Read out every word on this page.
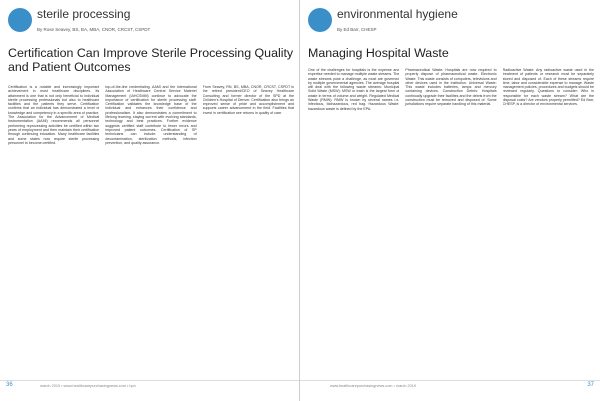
sterile processing
By Rose Seavey, BS, BA, MBA, CNOR, CRCST, CSPDT
Certification Can Improve Sterile Processing Quality and Patient Outcomes
Certification is a notable and increasingly important achievement in most healthcare disciplines. Its attainment is one that is not only beneficial to individual sterile processing professionals but also to healthcare facilities and the patients they serve. Certification confirms that an individual has demonstrated a level of knowledge and competency in a specific area of practice. The Association for the Advancement of Medical Instrumentation (AAMI) recommends all personnel performing reprocessing activities be certified within two years of employment and then maintain their certification through continuing education. Many healthcare facilities and some states now require sterile processing personnel to become certified.
top-of-the-line credentialing. AAMI and the International Association of Healthcare Central Service Materiel Management (IAHCSMM) continue to advocate the importance of certification for sterile processing staff. Certification validates the knowledge base of the individual and enhances their confidence and professionalism. It also demonstrates a commitment to lifelong learning, staying current with evolving standards, technology and best practices. Further evidence suggests certified staff contribute to fewer errors and improved patient outcomes. Certification of SP technicians can include: understanding of decontamination, sterilization methods, infection prevention, and quality assurance.
From Seavey, RN, BS, MBA, CNOR, CRCST, CSPDT is the retired president/CEO of Seavey Healthcare Consulting and former director of the SPD at the Children's Hospital of Denver. Certification also brings an improved sense of pride and accomplishment and supports career advancement in the field. Facilities that invest in certification see returns in quality of care.
36	march 2019 • www.healthcarepurchasingnews.com • hpn
environmental hygiene
By Ed Barr, CHESP
Managing Hospital Waste
One of the challenges for hospitals is the expense and expertise needed to manage multiple waste streams. The waste streams pose a challenge, as most are governed by multiple governmental agencies. The average hospital will deal with the following waste streams: Municipal Solid Waste (MSW): MSW or trash is the largest form of waste in terms of volume and weight. Regulated Medical Waste (RMW): RMW is known by several names i.e. infectious, biohazardous, red bag. Hazardous Waste: hazardous waste is defined by the EPA.
Pharmaceutical Waste: Hospitals are now required to properly dispose of pharmaceutical waste. Electronic Waste: This waste consists of computers, televisions and other devices used in the institution. Universal Waste: This waste includes batteries, lamps and mercury containing devices. Construction Debris: Hospitals continually upgrade their facilities and the debris from the construction must be removed and disposed of. Some jurisdictions require separate handling of this material.
Radioactive Waste: Any radioactive waste used in the treatment of patients or research must be separately stored and disposed of. Each of these streams require time, labor and considerable expense to manage. Waste management policies, procedures and budgets should be reviewed regularly. Questions to consider: Who is responsible for each waste stream? What are the disposal costs? Are vendors properly permitted? Ed Barr, CHESP, is a director of environmental services.
www.healthcarepurchasingnews.com • march 2019	37
